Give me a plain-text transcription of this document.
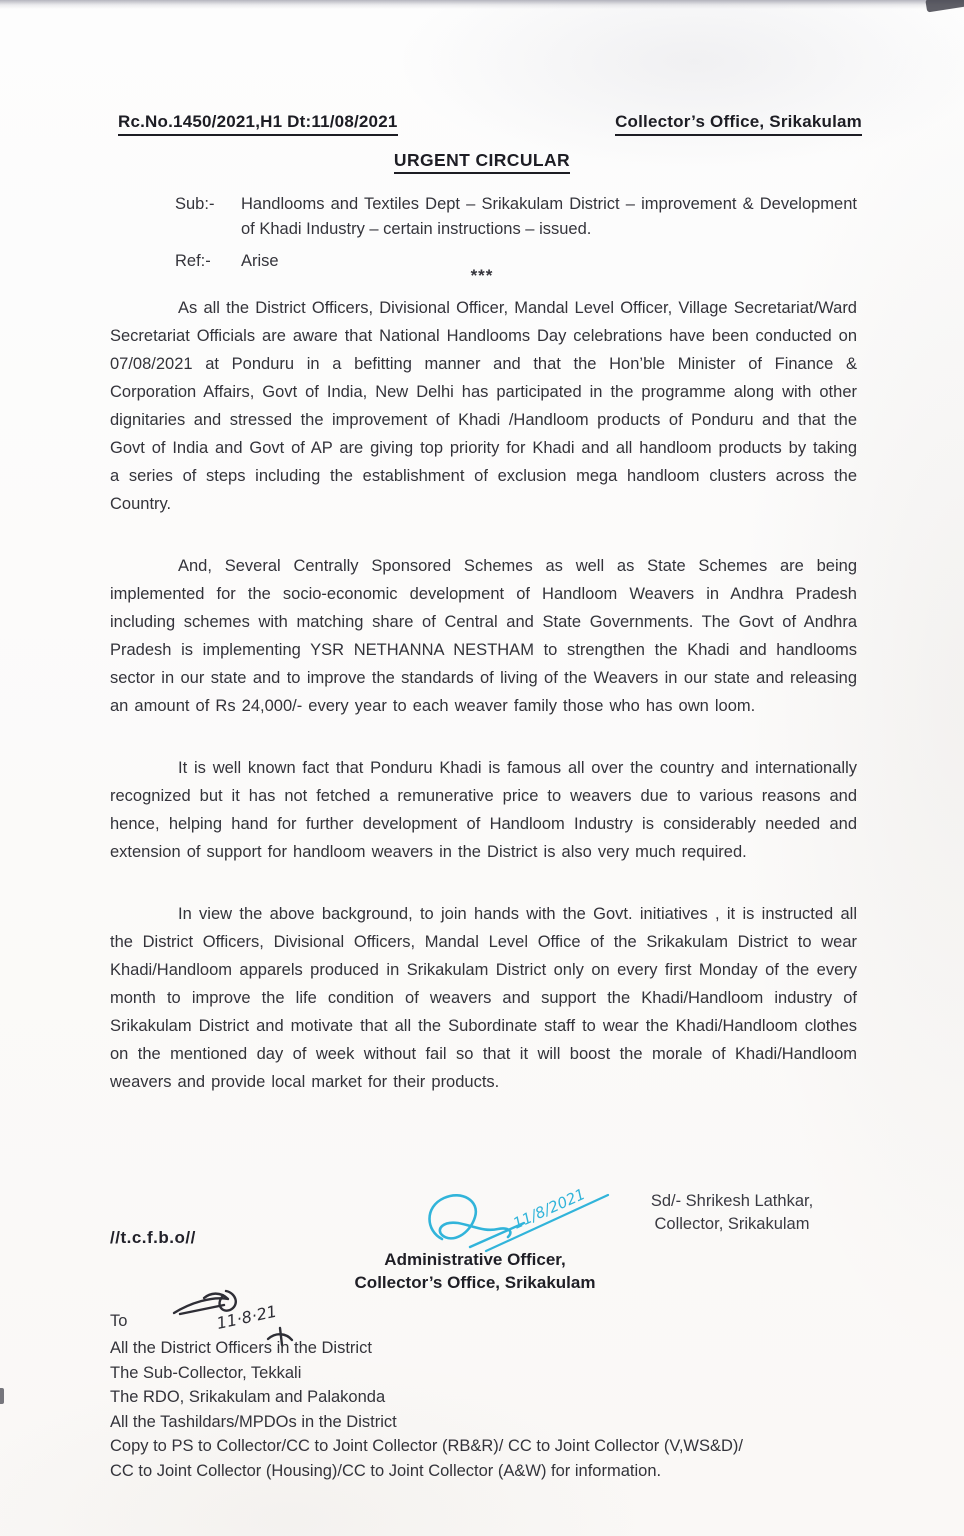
Rc.No.1450/2021,H1 Dt:11/08/2021	Collector’s Office, Srikakulam
URGENT CIRCULAR
Sub:-	Handlooms and Textiles Dept – Srikakulam District – improvement & Development of Khadi Industry – certain instructions – issued.
Ref:-	Arise
***

As all the District Officers, Divisional Officer, Mandal Level Officer, Village Secretariat/Ward Secretariat Officials are aware that National Handlooms Day celebrations have been conducted on 07/08/2021 at Ponduru in a befitting manner and that the Hon’ble Minister of Finance & Corporation Affairs, Govt of India, New Delhi has participated in the programme along with other dignitaries and stressed the improvement of Khadi /Handloom products of Ponduru and that the Govt of India and Govt of AP are giving top priority for Khadi and all handloom products by taking a series of steps including the establishment of exclusion mega handloom clusters across the Country.

And, Several Centrally Sponsored Schemes as well as State Schemes are being implemented for the socio-economic development of Handloom Weavers in Andhra Pradesh including schemes with matching share of Central and State Governments. The Govt of Andhra Pradesh is implementing YSR NETHANNA NESTHAM to strengthen the Khadi and handlooms sector in our state and to improve the standards of living of the Weavers in our state and releasing an amount of Rs 24,000/- every year to each weaver family those who has own loom.

It is well known fact that Ponduru Khadi is famous all over the country and internationally recognized but it has not fetched a remunerative price to weavers due to various reasons and hence, helping hand for further development of Handloom Industry is considerably needed and extension of support for handloom weavers in the District is also very much required.

In view the above background, to join hands with the Govt. initiatives , it is instructed all the District Officers, Divisional Officers, Mandal Level Office of the Srikakulam District to wear Khadi/Handloom apparels produced in Srikakulam District only on every first Monday of the every month to improve the life condition of weavers and support the Khadi/Handloom industry of Srikakulam District and motivate that all the Subordinate staff to wear the Khadi/Handloom clothes on the mentioned day of week without fail so that it will boost the morale of Khadi/Handloom weavers and provide local market for their products.

Sd/- Shrikesh Lathkar,
Collector, Srikakulam
//t.c.f.b.o//
11/8/2021
Administrative Officer,
Collector’s Office, Srikakulam
11·8·21
To
All the District Officers in the District
The Sub-Collector, Tekkali
The RDO, Srikakulam and Palakonda
All the Tashildars/MPDOs in the District
Copy to PS to Collector/CC to Joint Collector (RB&R)/ CC to Joint Collector (V,WS&D)/
CC to Joint Collector (Housing)/CC to Joint Collector (A&W) for information.
